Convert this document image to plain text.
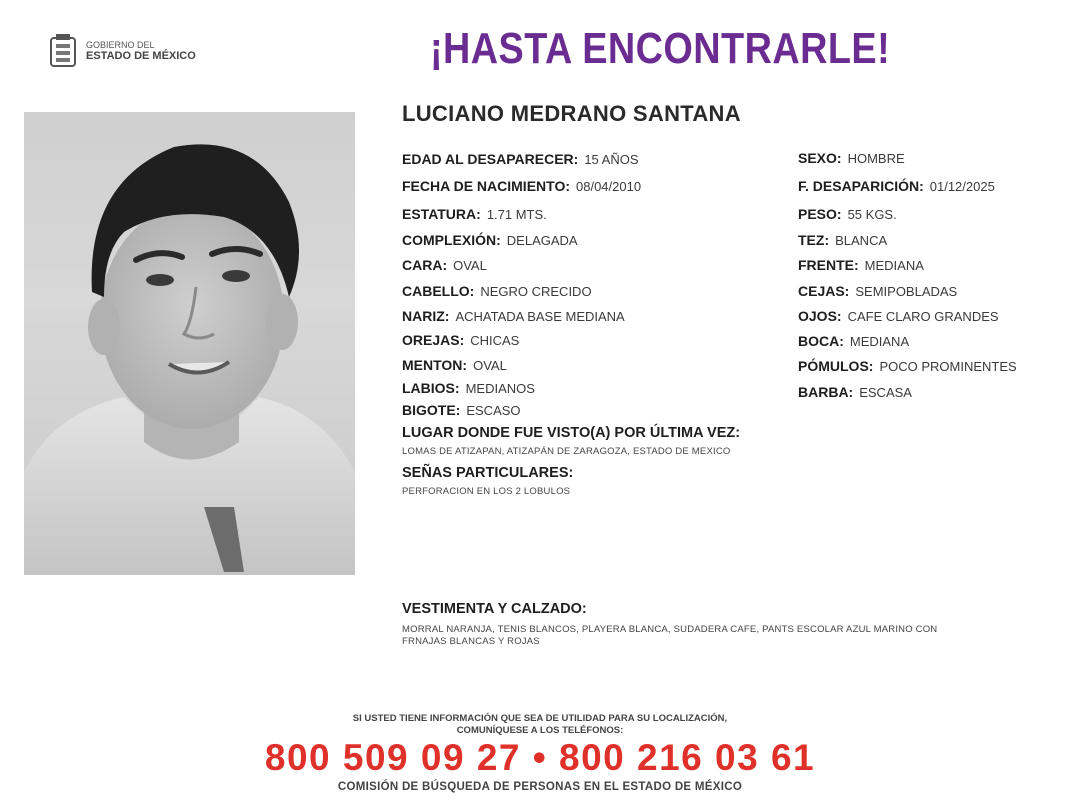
GOBIERNO DEL
ESTADO DE MÉXICO	¡HASTA ENCONTRARLE!
LUCIANO MEDRANO SANTANA
EDAD AL DESAPARECER: 15 AÑOS
FECHA DE NACIMIENTO: 08/04/2010
ESTATURA: 1.71 MTS.
COMPLEXIÓN: DELAGADA
CARA: OVAL
CABELLO: NEGRO CRECIDO
NARIZ: ACHATADA BASE MEDIANA
OREJAS: CHICAS
MENTON: OVAL
LABIOS: MEDIANOS
BIGOTE: ESCASO
SEXO: HOMBRE
F. DESAPARICIÓN: 01/12/2025
PESO: 55 KGS.
TEZ: BLANCA
FRENTE: MEDIANA
CEJAS: SEMIPOBLADAS
OJOS: CAFE CLARO GRANDES
BOCA: MEDIANA
PÓMULOS: POCO PROMINENTES
BARBA: ESCASA
LUGAR DONDE FUE VISTO(A) POR ÚLTIMA VEZ:
LOMAS DE ATIZAPAN, ATIZAPÁN DE ZARAGOZA, ESTADO DE MEXICO
SEÑAS PARTICULARES:
PERFORACION EN LOS 2 LOBULOS
VESTIMENTA Y CALZADO:
MORRAL NARANJA, TENIS BLANCOS, PLAYERA BLANCA, SUDADERA CAFE, PANTS ESCOLAR AZUL MARINO CON
FRNAJAS BLANCAS Y ROJAS
SI USTED TIENE INFORMACIÓN QUE SEA DE UTILIDAD PARA SU LOCALIZACIÓN,
COMUNÍQUESE A LOS TELÉFONOS:
800 509 09 27 • 800 216 03 61
COMISIÓN DE BÚSQUEDA DE PERSONAS EN EL ESTADO DE MÉXICO
